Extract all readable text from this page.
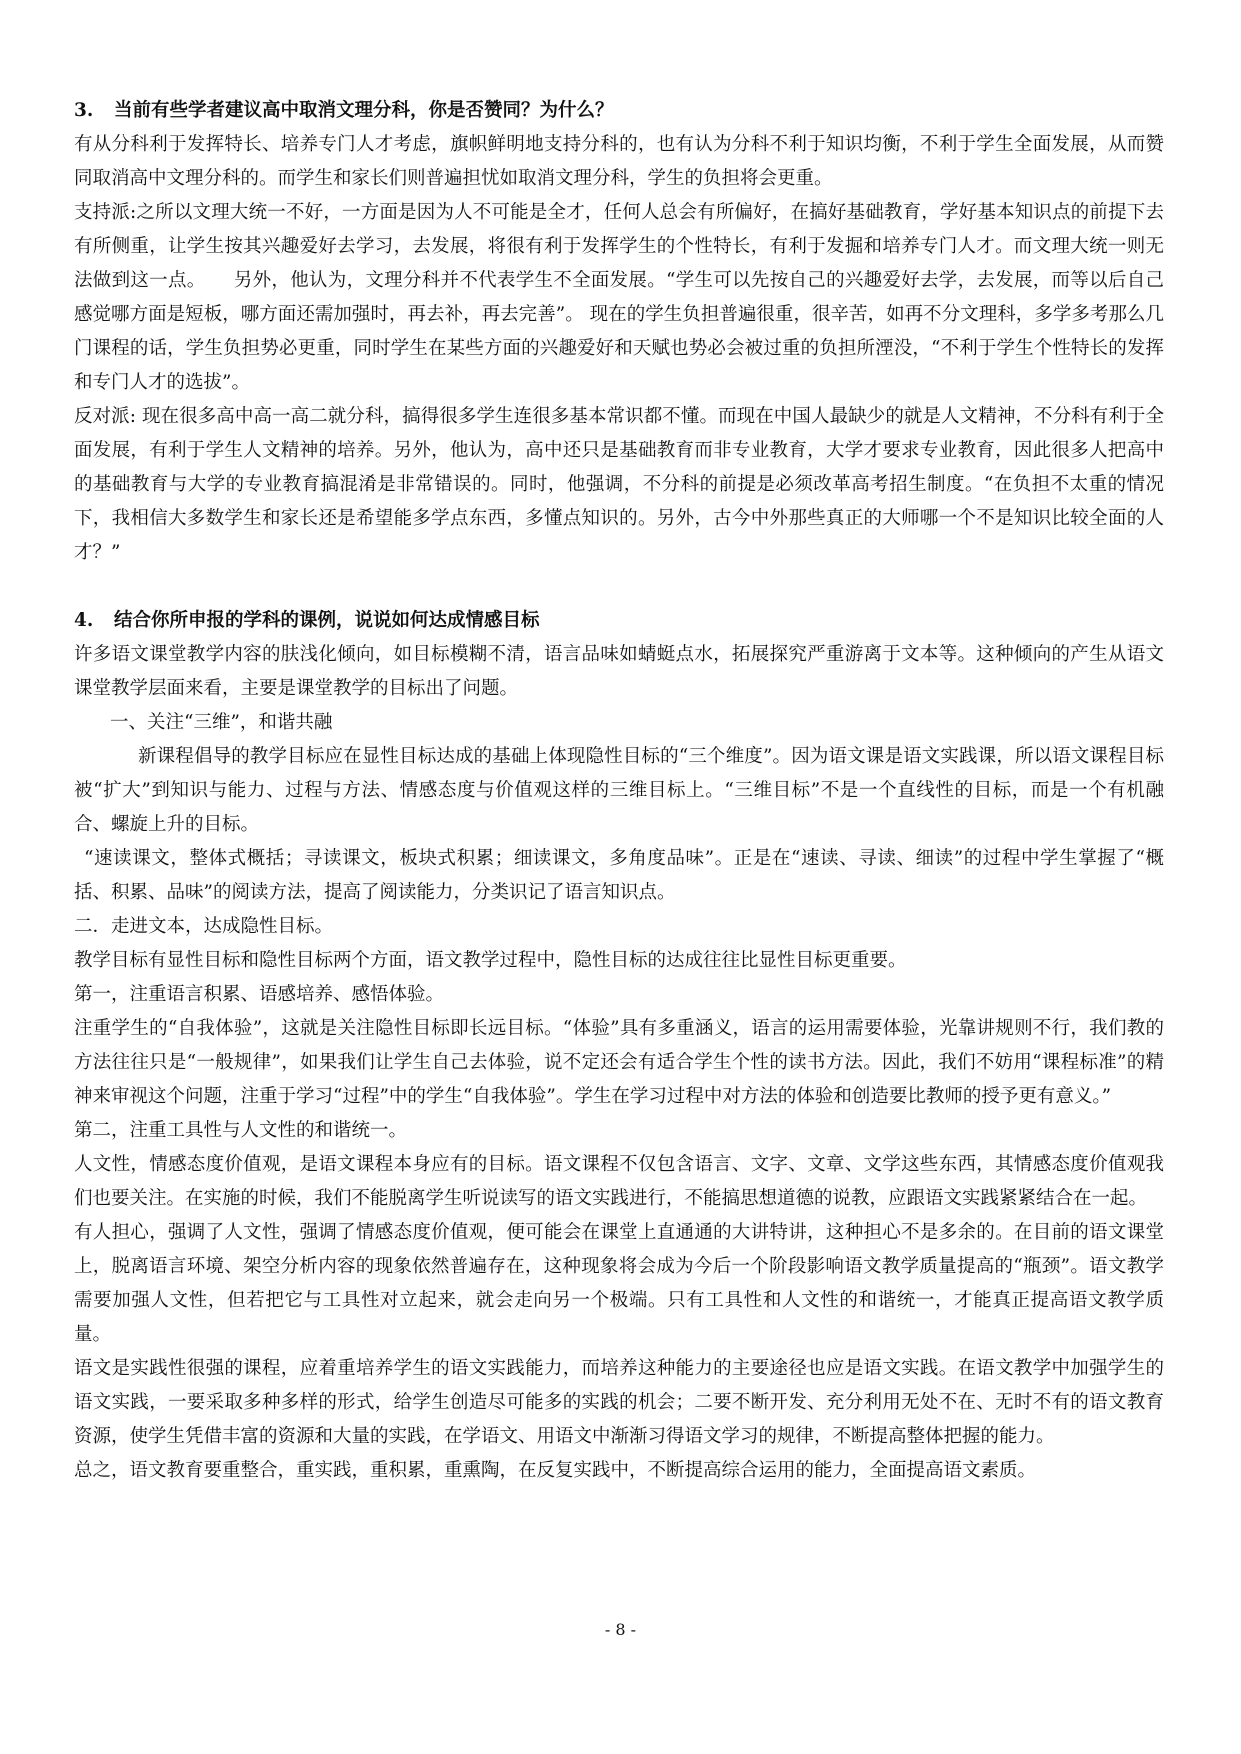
3. 当前有些学者建议高中取消文理分科，你是否赞同？为什么？

有从分科利于发挥特长、培养专门人才考虑，旗帜鲜明地支持分科的，也有认为分科不利于知识均衡，不利于学生全面发展，从而赞同取消高中文理分科的。而学生和家长们则普遍担忧如取消文理分科，学生的负担将会更重。

支持派:之所以文理大统一不好，一方面是因为人不可能是全才，任何人总会有所偏好，在搞好基础教育，学好基本知识点的前提下去有所侧重，让学生按其兴趣爱好去学习，去发展，将很有利于发挥学生的个性特长，有利于发掘和培养专门人才。而文理大统一则无法做到这一点。　　另外，他认为，文理分科并不代表学生不全面发展。“学生可以先按自己的兴趣爱好去学，去发展，而等以后自己感觉哪方面是短板，哪方面还需加强时，再去补，再去完善”。 现在的学生负担普遍很重，很辛苦，如再不分文理科，多学多考那么几门课程的话，学生负担势必更重，同时学生在某些方面的兴趣爱好和天赋也势必会被过重的负担所湮没，“不利于学生个性特长的发挥和专门人才的选拔”。

反对派: 现在很多高中高一高二就分科，搞得很多学生连很多基本常识都不懂。而现在中国人最缺少的就是人文精神，不分科有利于全面发展，有利于学生人文精神的培养。另外，他认为，高中还只是基础教育而非专业教育，大学才要求专业教育，因此很多人把高中的基础教育与大学的专业教育搞混淆是非常错误的。同时，他强调，不分科的前提是必须改革高考招生制度。“在负担不太重的情况下，我相信大多数学生和家长还是希望能多学点东西，多懂点知识的。另外，古今中外那些真正的大师哪一个不是知识比较全面的人才？”

4. 结合你所申报的学科的课例，说说如何达成情感目标

许多语文课堂教学内容的肤浅化倾向，如目标模糊不清，语言品味如蜻蜓点水，拓展探究严重游离于文本等。这种倾向的产生从语文课堂教学层面来看，主要是课堂教学的目标出了问题。

一、关注“三维”，和谐共融

新课程倡导的教学目标应在显性目标达成的基础上体现隐性目标的“三个维度”。因为语文课是语文实践课，所以语文课程目标被“扩大”到知识与能力、过程与方法、情感态度与价值观这样的三维目标上。“三维目标”不是一个直线性的目标，而是一个有机融合、螺旋上升的目标。

“速读课文，整体式概括；寻读课文，板块式积累；细读课文，多角度品味”。正是在“速读、寻读、细读”的过程中学生掌握了“概括、积累、品味”的阅读方法，提高了阅读能力，分类识记了语言知识点。

二．走进文本，达成隐性目标。

教学目标有显性目标和隐性目标两个方面，语文教学过程中，隐性目标的达成往往比显性目标更重要。

第一，注重语言积累、语感培养、感悟体验。

注重学生的“自我体验”，这就是关注隐性目标即长远目标。“体验”具有多重涵义，语言的运用需要体验，光靠讲规则不行，我们教的方法往往只是“一般规律”，如果我们让学生自己去体验，说不定还会有适合学生个性的读书方法。因此，我们不妨用“课程标准”的精神来审视这个问题，注重于学习“过程”中的学生“自我体验”。学生在学习过程中对方法的体验和创造要比教师的授予更有意义。”

第二，注重工具性与人文性的和谐统一。

人文性，情感态度价值观，是语文课程本身应有的目标。语文课程不仅包含语言、文字、文章、文学这些东西，其情感态度价值观我们也要关注。在实施的时候，我们不能脱离学生听说读写的语文实践进行，不能搞思想道德的说教，应跟语文实践紧紧结合在一起。

有人担心，强调了人文性，强调了情感态度价值观，便可能会在课堂上直通通的大讲特讲，这种担心不是多余的。在目前的语文课堂上，脱离语言环境、架空分析内容的现象依然普遍存在，这种现象将会成为今后一个阶段影响语文教学质量提高的“瓶颈”。语文教学需要加强人文性，但若把它与工具性对立起来，就会走向另一个极端。只有工具性和人文性的和谐统一，才能真正提高语文教学质量。

语文是实践性很强的课程，应着重培养学生的语文实践能力，而培养这种能力的主要途径也应是语文实践。在语文教学中加强学生的语文实践，一要采取多种多样的形式，给学生创造尽可能多的实践的机会；二要不断开发、充分利用无处不在、无时不有的语文教育资源，使学生凭借丰富的资源和大量的实践，在学语文、用语文中渐渐习得语文学习的规律，不断提高整体把握的能力。

总之，语文教育要重整合，重实践，重积累，重熏陶，在反复实践中，不断提高综合运用的能力，全面提高语文素质。

- 8 -
